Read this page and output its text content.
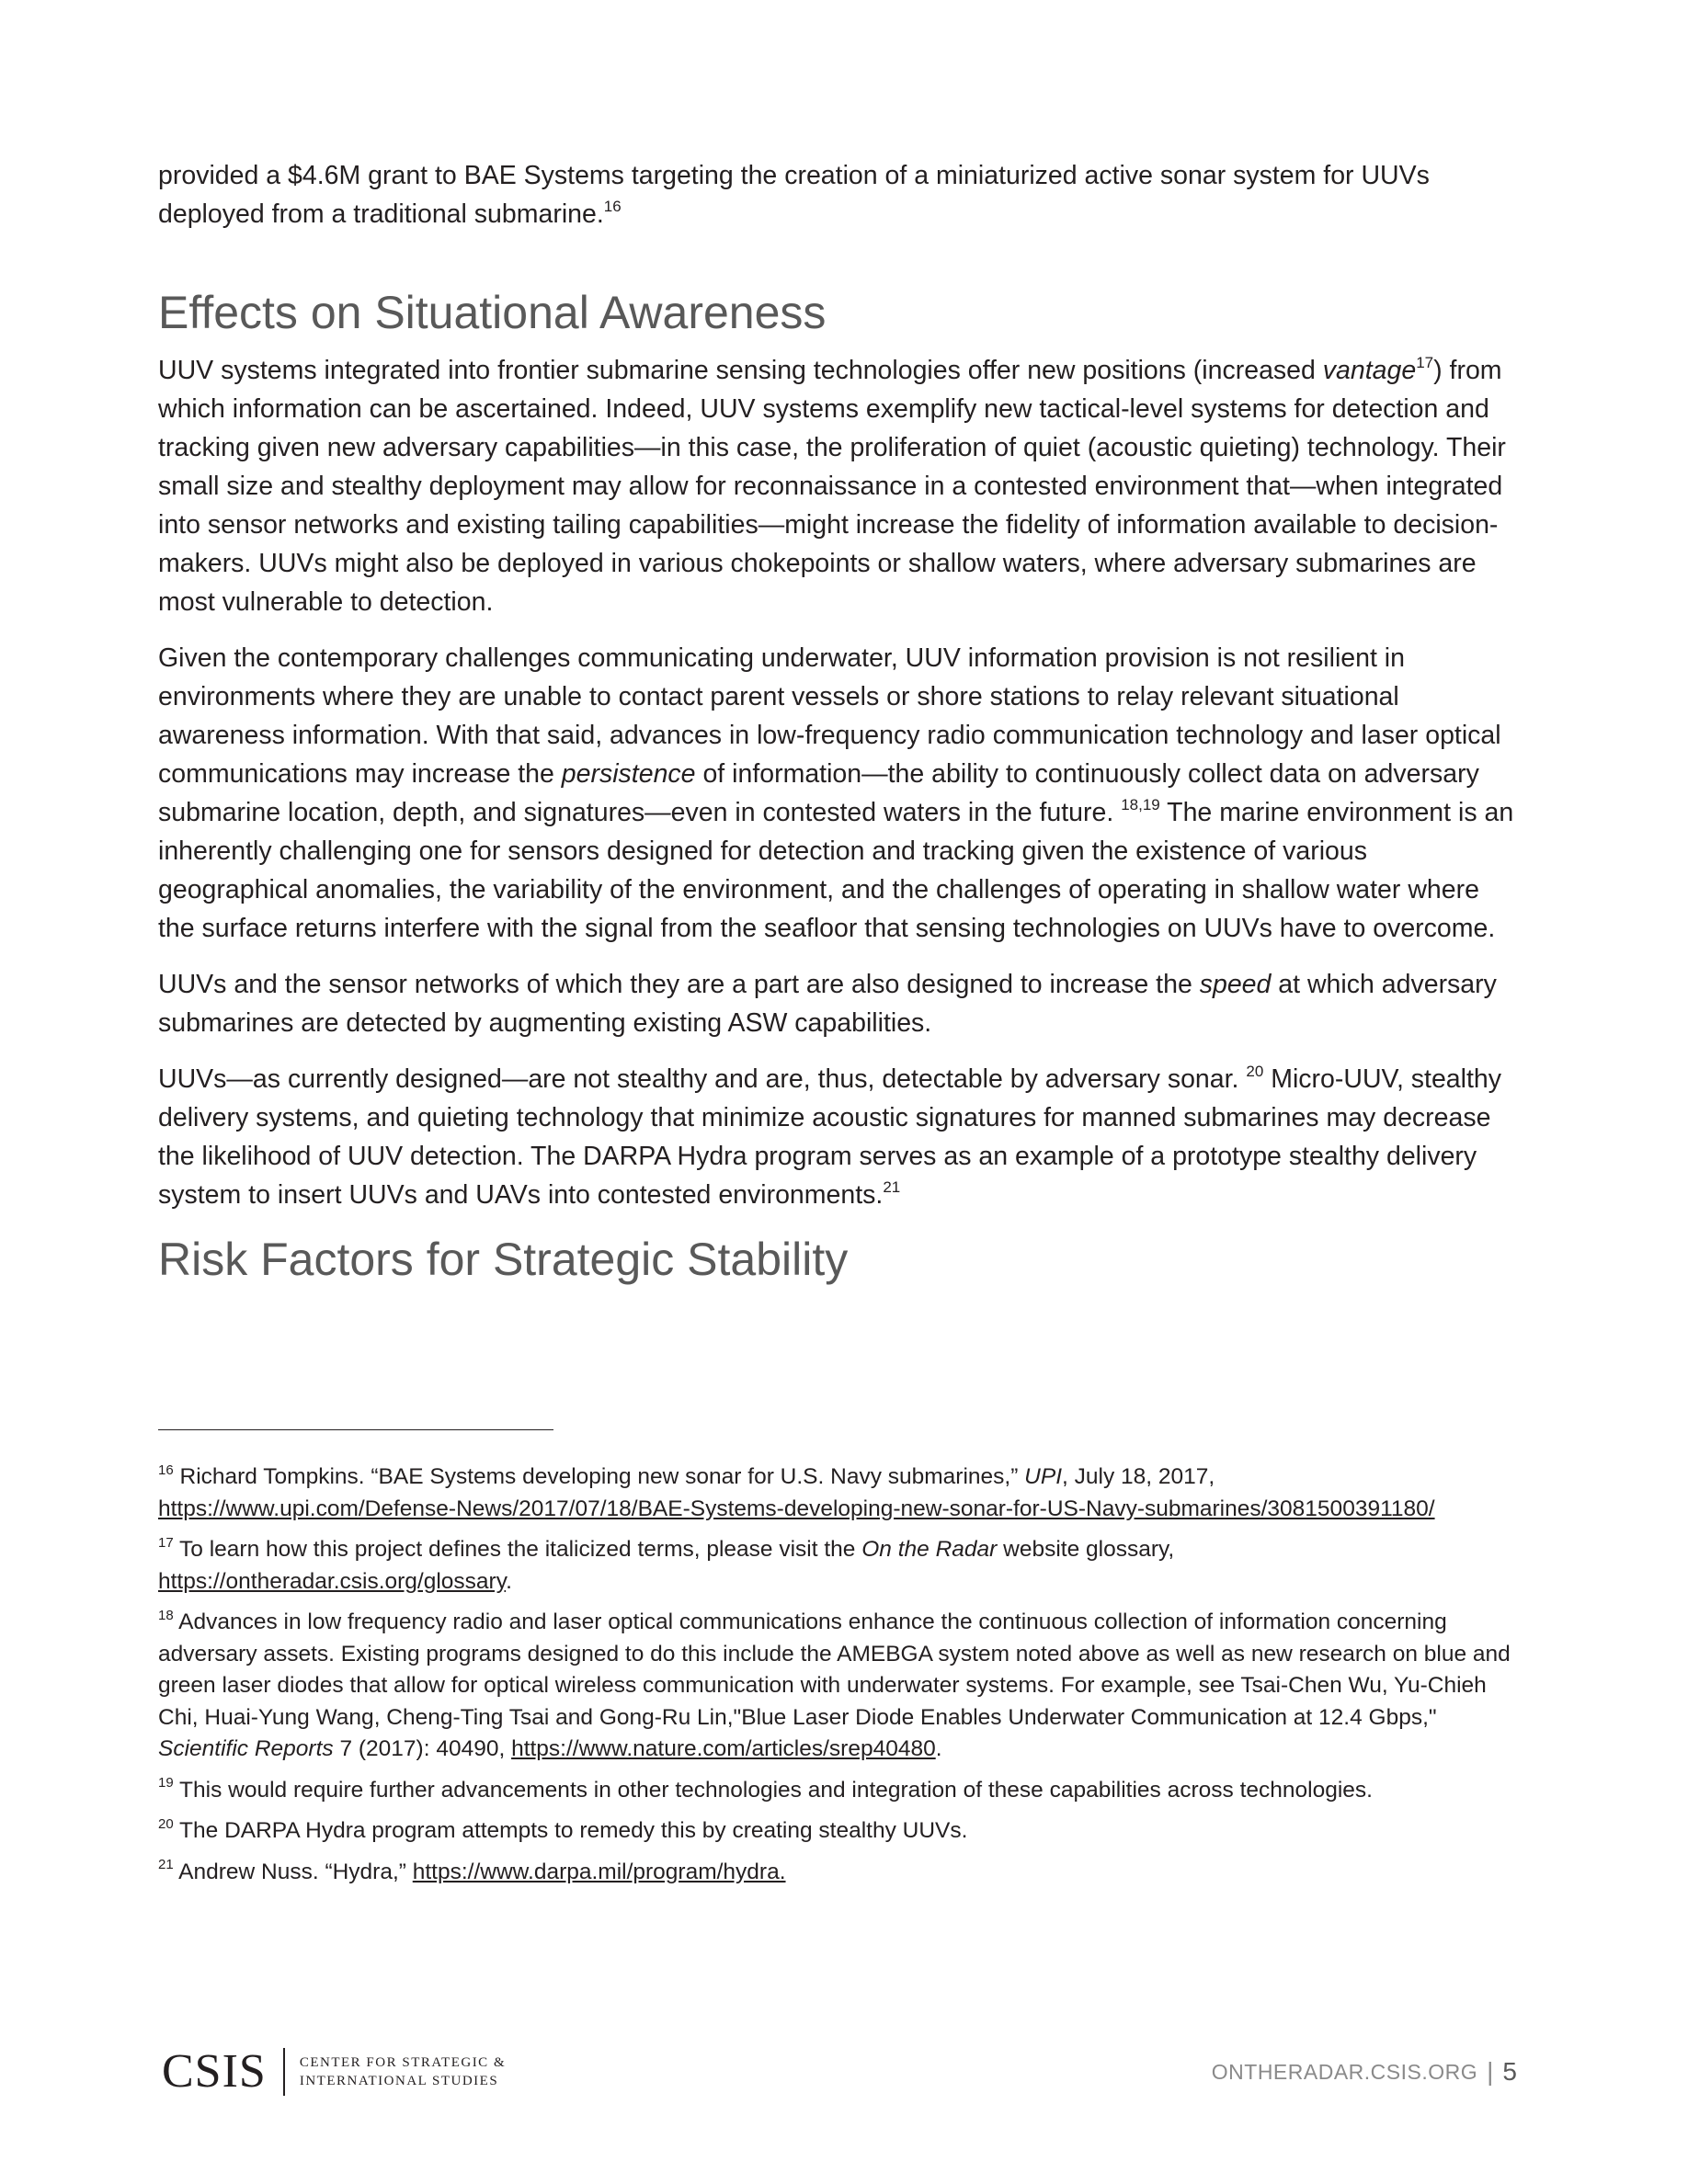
provided a $4.6M grant to BAE Systems targeting the creation of a miniaturized active sonar system for UUVs deployed from a traditional submarine.$^{16}$

Effects on Situational Awareness

UUV systems integrated into frontier submarine sensing technologies offer new positions (increased vantage$^{17}$) from which information can be ascertained. Indeed, UUV systems exemplify new tactical-level systems for detection and tracking given new adversary capabilities—in this case, the proliferation of quiet (acoustic quieting) technology. Their small size and stealthy deployment may allow for reconnaissance in a contested environment that—when integrated into sensor networks and existing tailing capabilities—might increase the fidelity of information available to decision-makers. UUVs might also be deployed in various chokepoints or shallow waters, where adversary submarines are most vulnerable to detection.

Given the contemporary challenges communicating underwater, UUV information provision is not resilient in environments where they are unable to contact parent vessels or shore stations to relay relevant situational awareness information. With that said, advances in low-frequency radio communication technology and laser optical communications may increase the persistence of information—the ability to continuously collect data on adversary submarine location, depth, and signatures—even in contested waters in the future. $^{18,19}$ The marine environment is an inherently challenging one for sensors designed for detection and tracking given the existence of various geographical anomalies, the variability of the environment, and the challenges of operating in shallow water where the surface returns interfere with the signal from the seafloor that sensing technologies on UUVs have to overcome.

UUVs and the sensor networks of which they are a part are also designed to increase the speed at which adversary submarines are detected by augmenting existing ASW capabilities.

UUVs—as currently designed—are not stealthy and are, thus, detectable by adversary sonar. $^{20}$ Micro-UUV, stealthy delivery systems, and quieting technology that minimize acoustic signatures for manned submarines may decrease the likelihood of UUV detection. The DARPA Hydra program serves as an example of a prototype stealthy delivery system to insert UUVs and UAVs into contested environments.$^{21}$

Risk Factors for Strategic Stability

$^{16}$ Richard Tompkins. “BAE Systems developing new sonar for U.S. Navy submarines,” UPI, July 18, 2017, https://www.upi.com/Defense-News/2017/07/18/BAE-Systems-developing-new-sonar-for-US-Navy-submarines/3081500391180/

$^{17}$ To learn how this project defines the italicized terms, please visit the On the Radar website glossary, https://ontheradar.csis.org/glossary.

$^{18}$ Advances in low frequency radio and laser optical communications enhance the continuous collection of information concerning adversary assets. Existing programs designed to do this include the AMEBGA system noted above as well as new research on blue and green laser diodes that allow for optical wireless communication with underwater systems. For example, see Tsai-Chen Wu, Yu-Chieh Chi, Huai-Yung Wang, Cheng-Ting Tsai and Gong-Ru Lin,"Blue Laser Diode Enables Underwater Communication at 12.4 Gbps," Scientific Reports 7 (2017): 40490, https://www.nature.com/articles/srep40480.

$^{19}$ This would require further advancements in other technologies and integration of these capabilities across technologies.

$^{20}$ The DARPA Hydra program attempts to remedy this by creating stealthy UUVs.

$^{21}$ Andrew Nuss. “Hydra,” https://www.darpa.mil/program/hydra.

CSIS CENTER FOR STRATEGIC &
INTERNATIONAL STUDIES	ONTHERADAR.CSIS.ORG | 5
